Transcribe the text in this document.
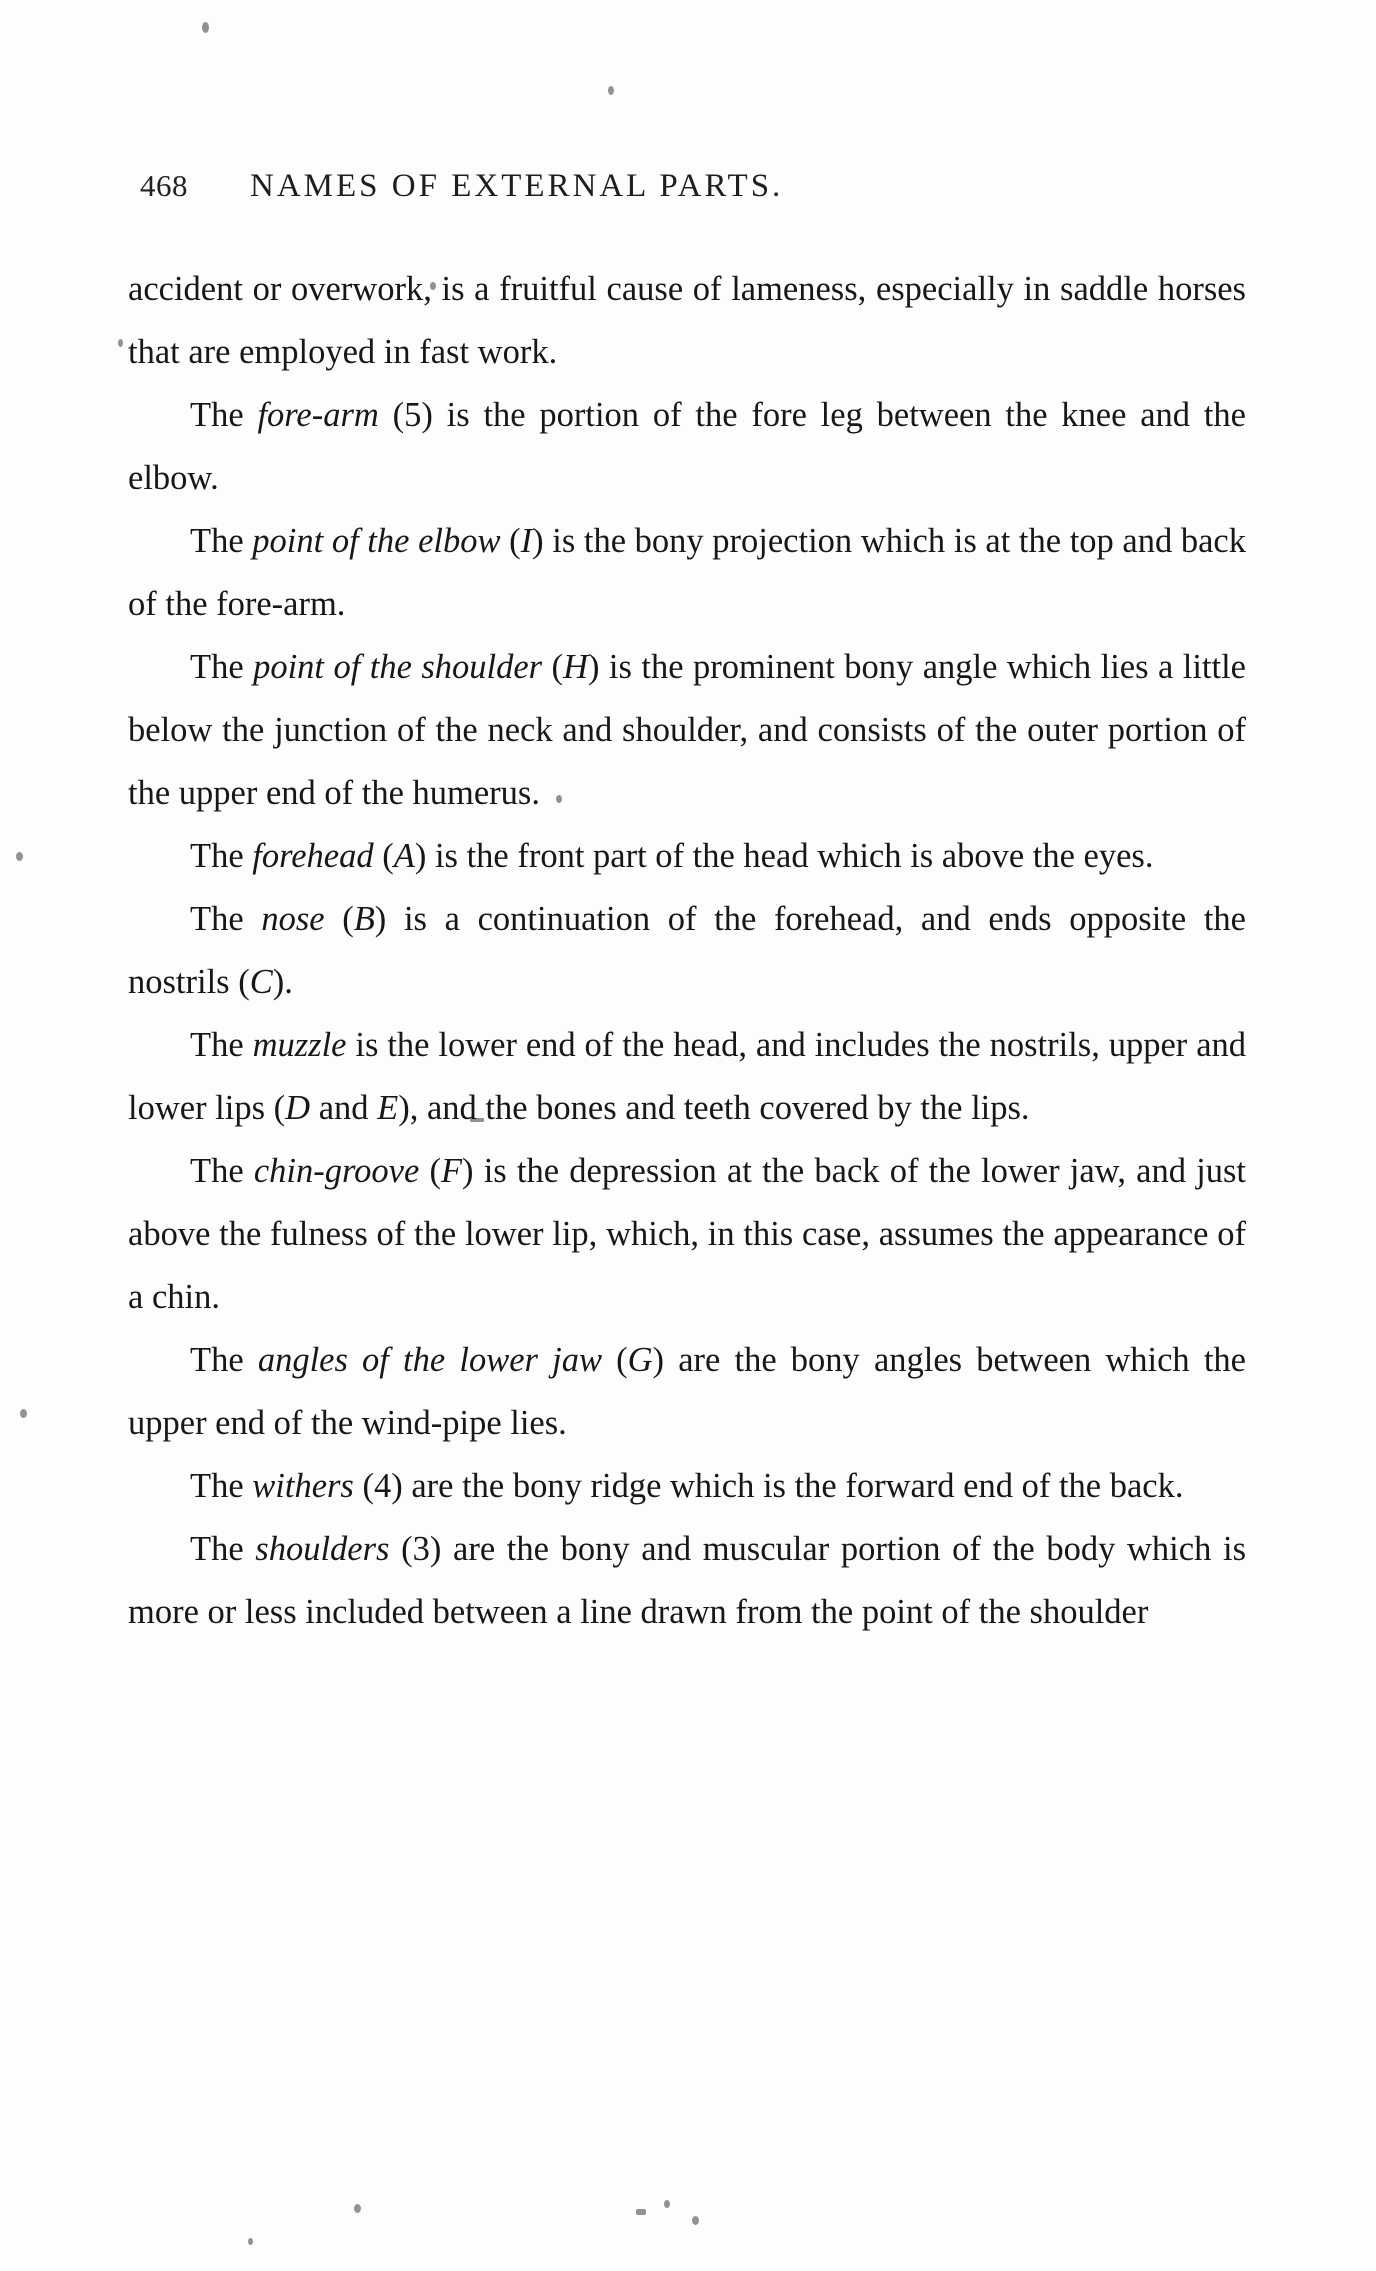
468	NAMES OF EXTERNAL PARTS.

accident or overwork, is a fruitful cause of lameness, especially in saddle horses that are employed in fast work.

The fore-arm (5) is the portion of the fore leg between the knee and the elbow.

The point of the elbow (I) is the bony projection which is at the top and back of the fore-arm.

The point of the shoulder (H) is the prominent bony angle which lies a little below the junction of the neck and shoulder, and consists of the outer portion of the upper end of the humerus.

The forehead (A) is the front part of the head which is above the eyes.

The nose (B) is a continuation of the forehead, and ends opposite the nostrils (C).

The muzzle is the lower end of the head, and includes the nostrils, upper and lower lips (D and E), and the bones and teeth covered by the lips.

The chin-groove (F) is the depression at the back of the lower jaw, and just above the fulness of the lower lip, which, in this case, assumes the appearance of a chin.

The angles of the lower jaw (G) are the bony angles between which the upper end of the wind-pipe lies.

The withers (4) are the bony ridge which is the forward end of the back.

The shoulders (3) are the bony and muscular portion of the body which is more or less included between a line drawn from the point of the shoulder
